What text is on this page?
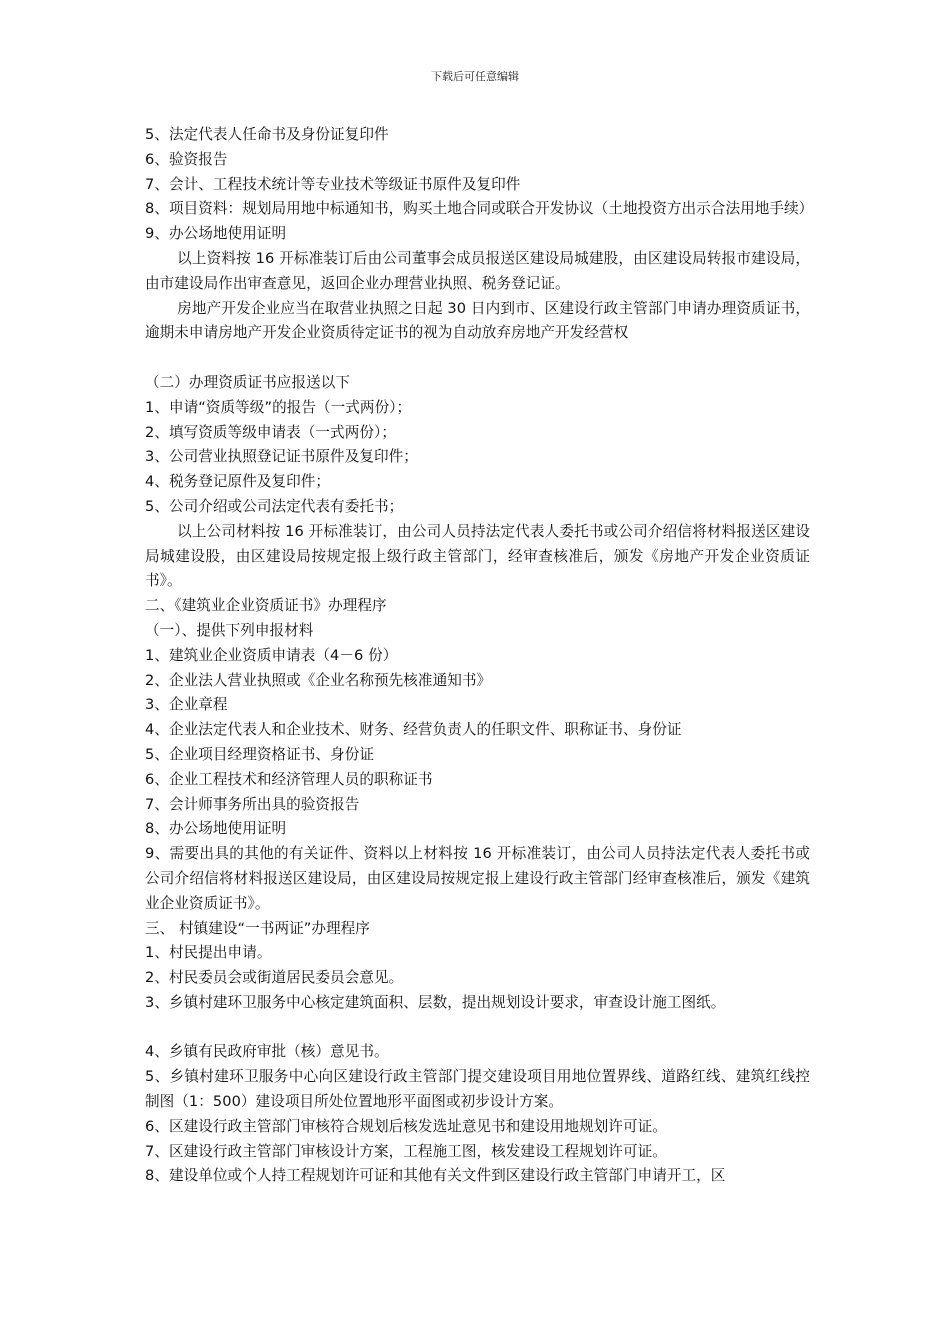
下载后可任意编辑

5、法定代表人任命书及身份证复印件

6、验资报告

7、会计、工程技术统计等专业技术等级证书原件及复印件

8、项目资料：规划局用地中标通知书，购买土地合同或联合开发协议（土地投资方出示合法用地手续）

9、办公场地使用证明

以上资料按 16 开标准装订后由公司董事会成员报送区建设局城建股，由区建设局转报市建设局，由市建设局作出审查意见，返回企业办理营业执照、税务登记证。

房地产开发企业应当在取营业执照之日起 30 日内到市、区建设行政主管部门申请办理资质证书，逾期未申请房地产开发企业资质待定证书的视为自动放弃房地产开发经营权

（二）办理资质证书应报送以下

1、申请“资质等级”的报告（一式两份）；

2、填写资质等级申请表（一式两份）；

3、公司营业执照登记证书原件及复印件；

4、税务登记原件及复印件；

5、公司介绍或公司法定代表有委托书；

以上公司材料按 16 开标准装订，由公司人员持法定代表人委托书或公司介绍信将材料报送区建设局城建设股，由区建设局按规定报上级行政主管部门，经审查核准后，颁发《房地产开发企业资质证书》。

二、《建筑业企业资质证书》办理程序

（一）、提供下列申报材料

1、建筑业企业资质申请表（4－6 份）

2、企业法人营业执照或《企业名称预先核准通知书》

3、企业章程

4、企业法定代表人和企业技术、财务、经营负责人的任职文件、职称证书、身份证

5、企业项目经理资格证书、身份证

6、企业工程技术和经济管理人员的职称证书

7、会计师事务所出具的验资报告

8、办公场地使用证明

9、需要出具的其他的有关证件、资料以上材料按 16 开标准装订，由公司人员持法定代表人委托书或公司介绍信将材料报送区建设局，由区建设局按规定报上建设行政主管部门经审查核准后，颁发《建筑业企业资质证书》。

三、 村镇建设“一书两证”办理程序

1、村民提出申请。

2、村民委员会或街道居民委员会意见。

3、乡镇村建环卫服务中心核定建筑面积、层数，提出规划设计要求，审查设计施工图纸。

4、乡镇有民政府审批（核）意见书。

5、乡镇村建环卫服务中心向区建设行政主管部门提交建设项目用地位置界线、道路红线、建筑红线控制图（1：500）建设项目所处位置地形平面图或初步设计方案。

6、区建设行政主管部门审核符合规划后核发选址意见书和建设用地规划许可证。

7、区建设行政主管部门审核设计方案，工程施工图，核发建设工程规划许可证。

8、建设单位或个人持工程规划许可证和其他有关文件到区建设行政主管部门申请开工，区
